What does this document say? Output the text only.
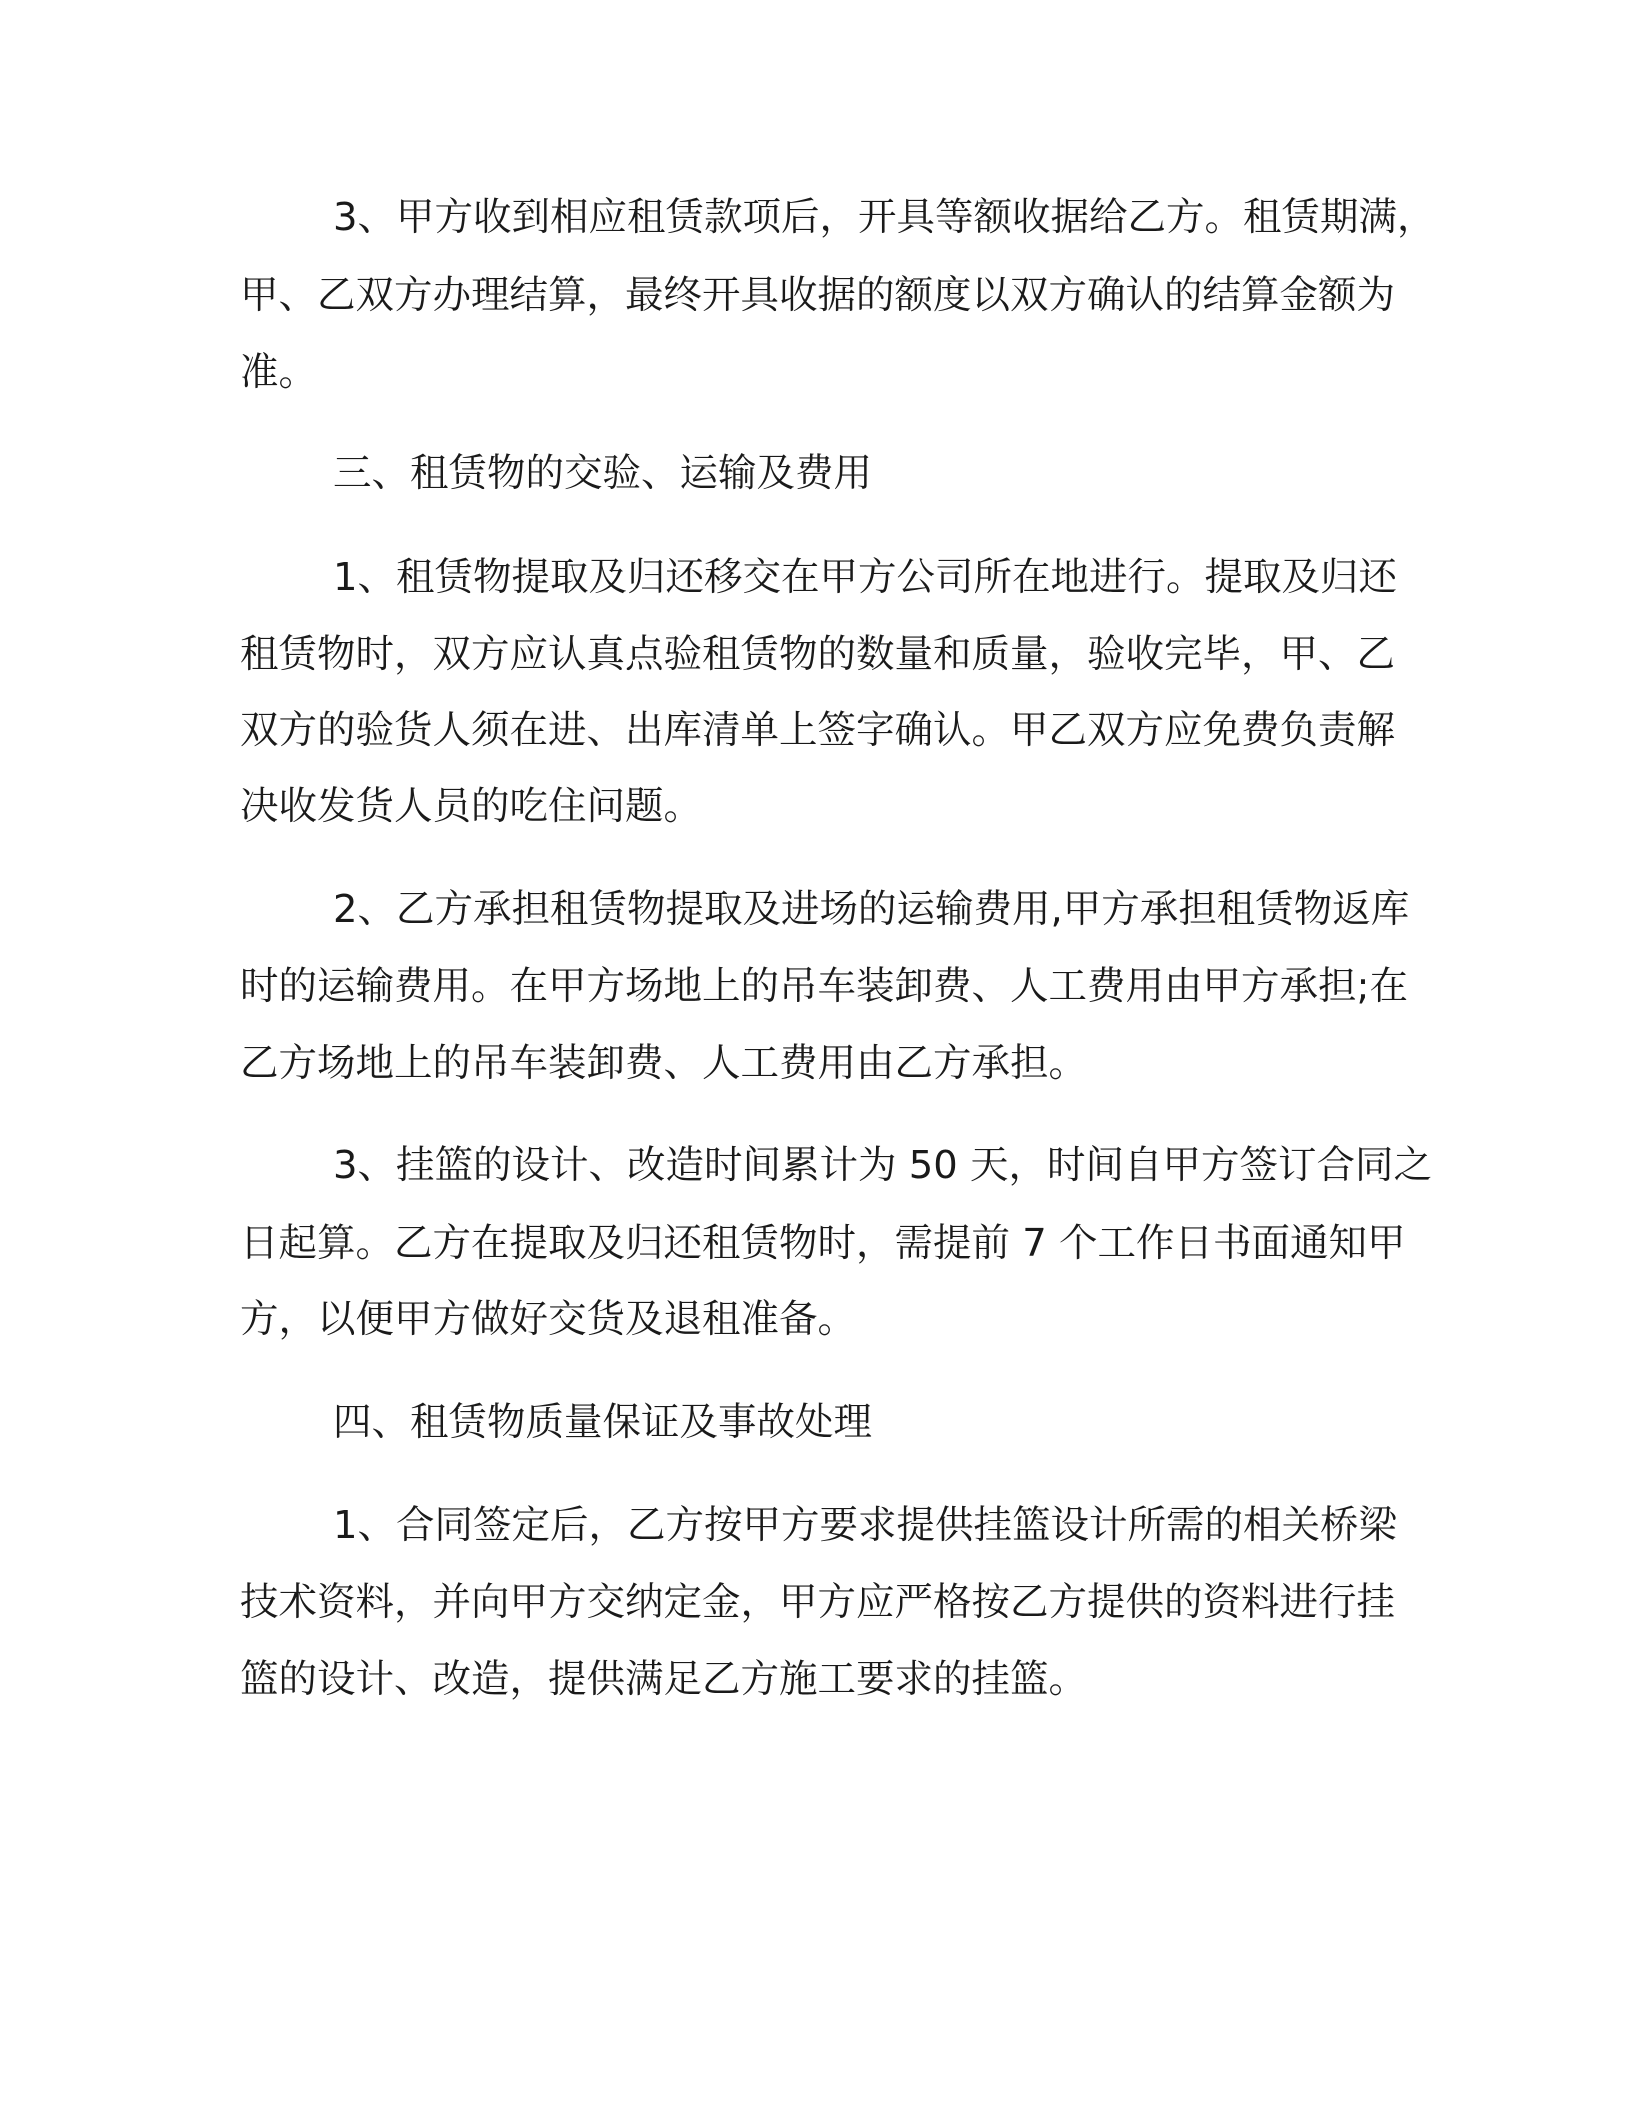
3、甲方收到相应租赁款项后，开具等额收据给乙方。租赁期满，
甲、乙双方办理结算，最终开具收据的额度以双方确认的结算金额为
准。
三、租赁物的交验、运输及费用
1、租赁物提取及归还移交在甲方公司所在地进行。提取及归还
租赁物时，双方应认真点验租赁物的数量和质量，验收完毕，甲、乙
双方的验货人须在进、出库清单上签字确认。甲乙双方应免费负责解
决收发货人员的吃住问题。
2、乙方承担租赁物提取及进场的运输费用,甲方承担租赁物返库
时的运输费用。在甲方场地上的吊车装卸费、人工费用由甲方承担;在
乙方场地上的吊车装卸费、人工费用由乙方承担。
3、挂篮的设计、改造时间累计为 50 天，时间自甲方签订合同之
日起算。乙方在提取及归还租赁物时，需提前 7 个工作日书面通知甲
方，以便甲方做好交货及退租准备。
四、租赁物质量保证及事故处理
1、合同签定后，乙方按甲方要求提供挂篮设计所需的相关桥梁
技术资料，并向甲方交纳定金，甲方应严格按乙方提供的资料进行挂
篮的设计、改造，提供满足乙方施工要求的挂篮。
